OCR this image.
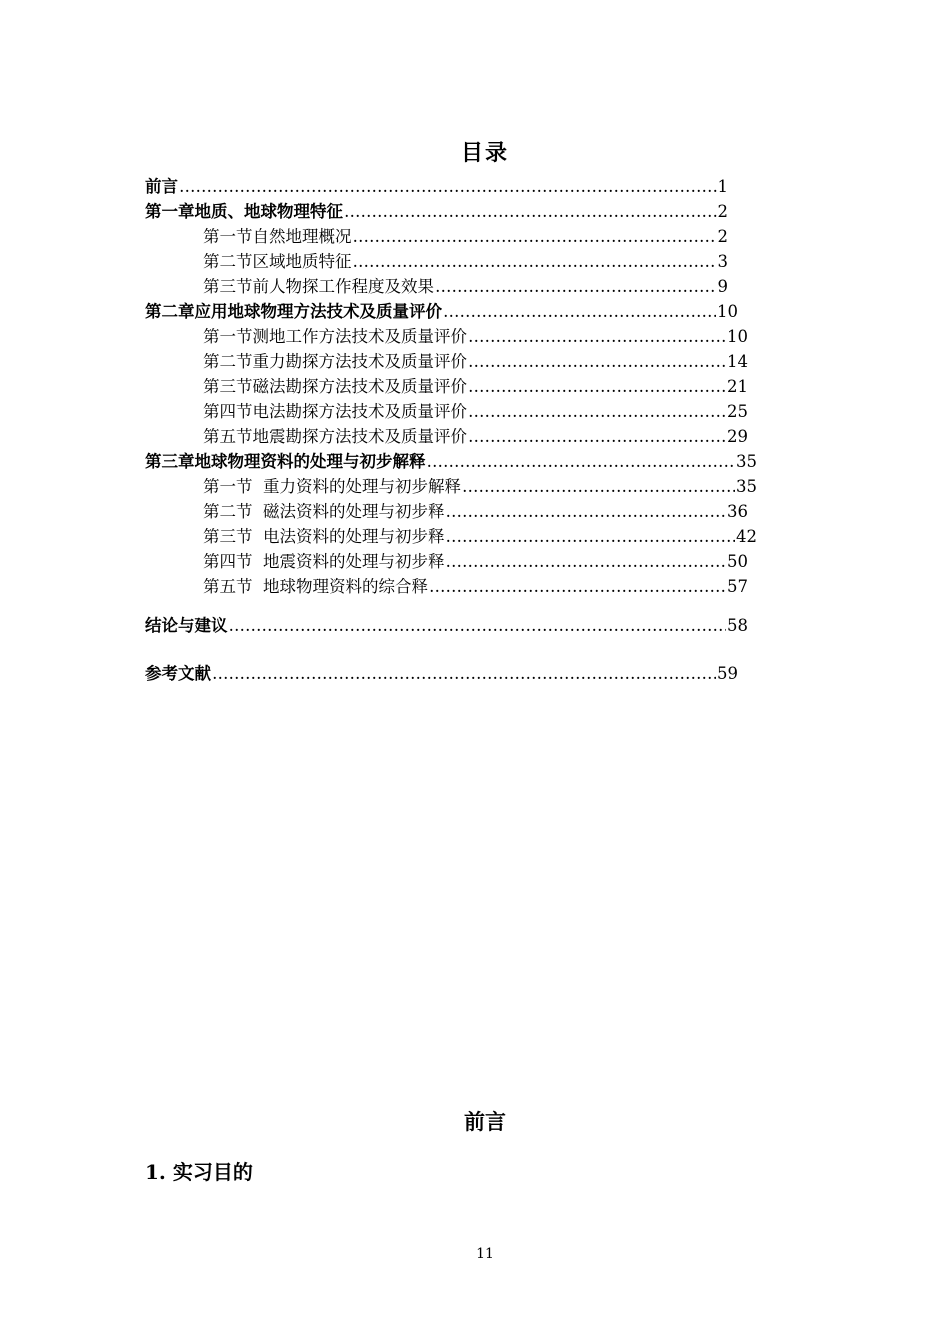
目录
前言 ……………………………………………………………………………………………………………………………………	1
第一章地质、地球物理特征 ……………………………………………………………………………………………………………………………………	2
第一节自然地理概况 ……………………………………………………………………………………………………………………………………	2
第二节区域地质特征 ……………………………………………………………………………………………………………………………………	3
第三节前人物探工作程度及效果 ……………………………………………………………………………………………………………………………………	9
第二章应用地球物理方法技术及质量评价 ……………………………………………………………………………………………………………………………………	10
第一节测地工作方法技术及质量评价 ……………………………………………………………………………………………………………………………………	10
第二节重力勘探方法技术及质量评价 ……………………………………………………………………………………………………………………………………	14
第三节磁法勘探方法技术及质量评价 ……………………………………………………………………………………………………………………………………	21
第四节电法勘探方法技术及质量评价 ……………………………………………………………………………………………………………………………………	25
第五节地震勘探方法技术及质量评价 ……………………………………………………………………………………………………………………………………	29
第三章地球物理资料的处理与初步解释 ……………………………………………………………………………………………………………………………………	35
第一节  重力资料的处理与初步解释 ……………………………………………………………………………………………………………………………………	35
第二节  磁法资料的处理与初步释 ……………………………………………………………………………………………………………………………………	36
第三节  电法资料的处理与初步释 ……………………………………………………………………………………………………………………………………	42
第四节  地震资料的处理与初步释 ……………………………………………………………………………………………………………………………………	50
第五节  地球物理资料的综合释 ……………………………………………………………………………………………………………………………………	57
结论与建议 ……………………………………………………………………………………………………………………………………	58
参考文献 ……………………………………………………………………………………………………………………………………	59
前言
1. 实习目的
11
